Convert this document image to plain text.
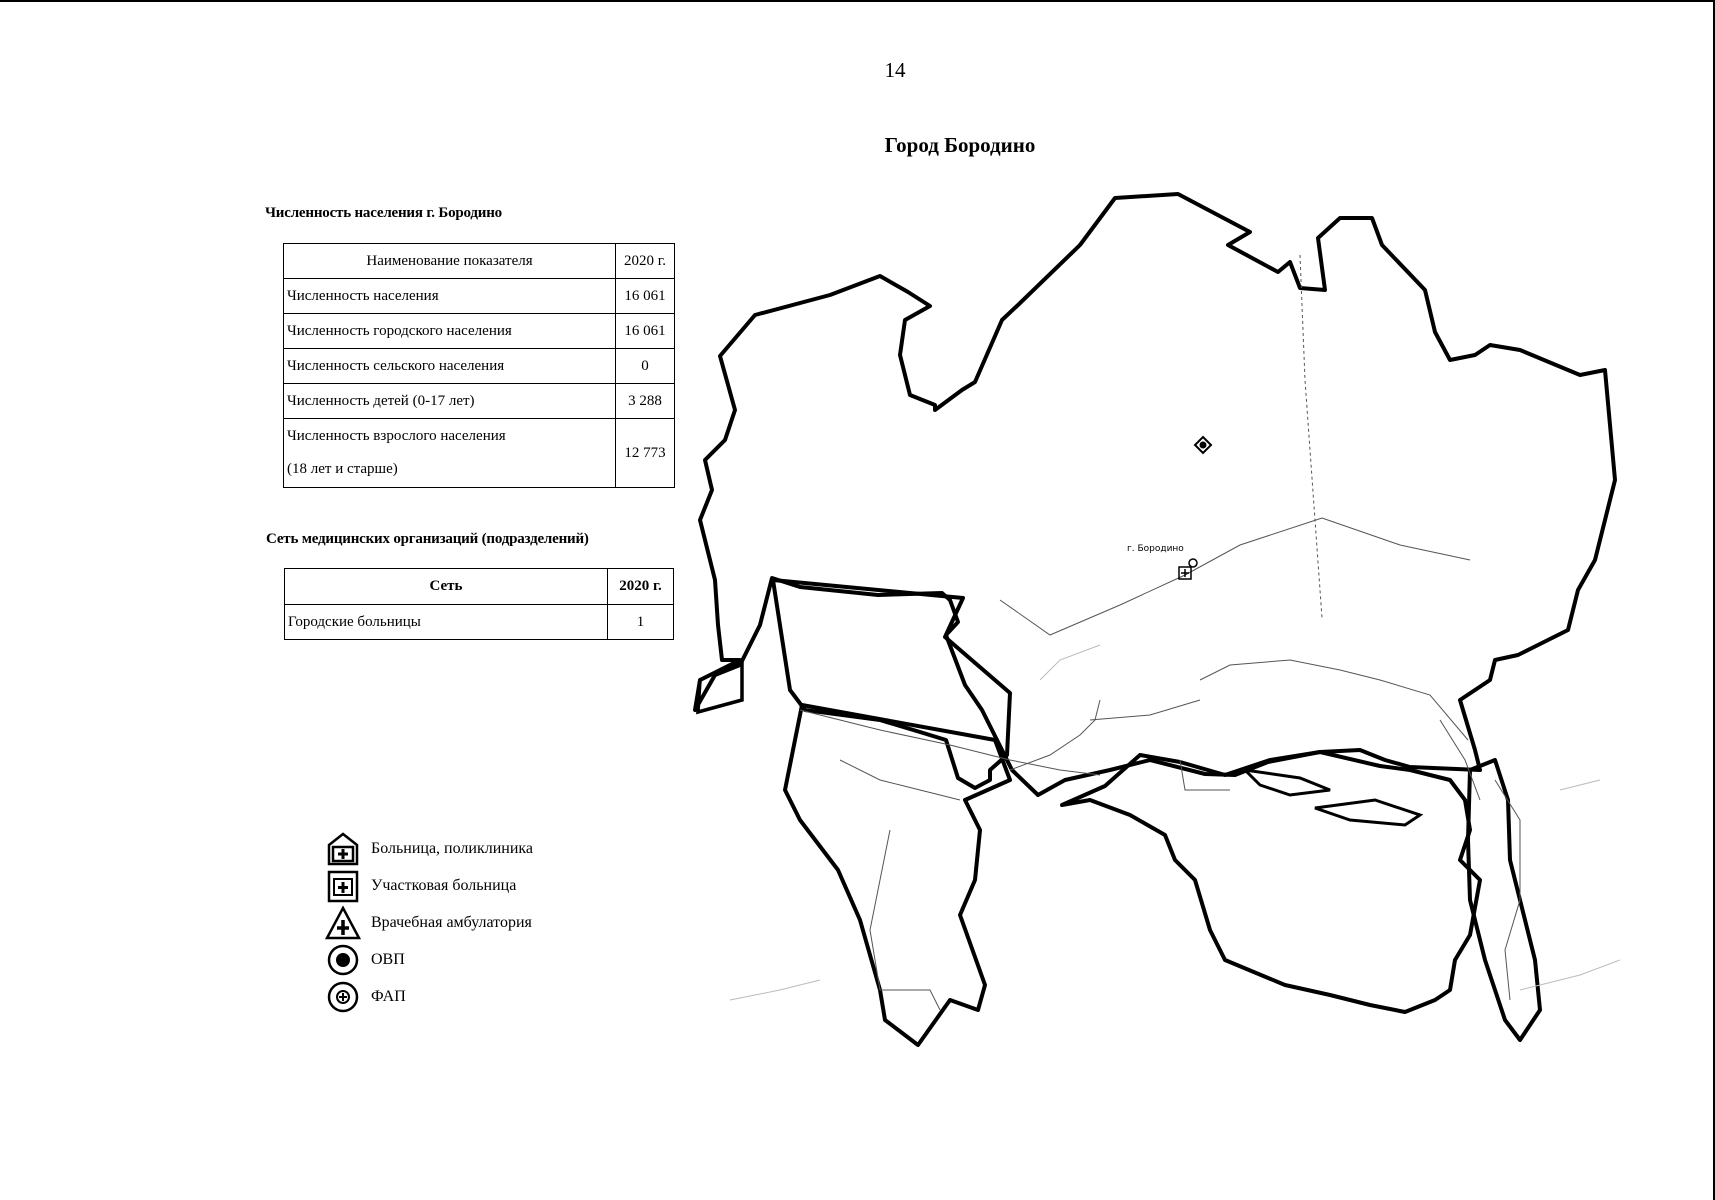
14
Город Бородино
Численность населения г. Бородино
Наименование показателя	2020 г.
Численность населения	16 061
Численность городского населения	16 061
Численность сельского населения	0
Численность детей (0-17 лет)	3 288
Численность взрослого населения
(18 лет и старше)	12 773
Сеть медицинских организаций (подразделений)
Сеть	2020 г.
Городские больницы	1
Больница, поликлиника
Участковая больница
Врачебная амбулатория
ОВП
ФАП
г. Бородино
